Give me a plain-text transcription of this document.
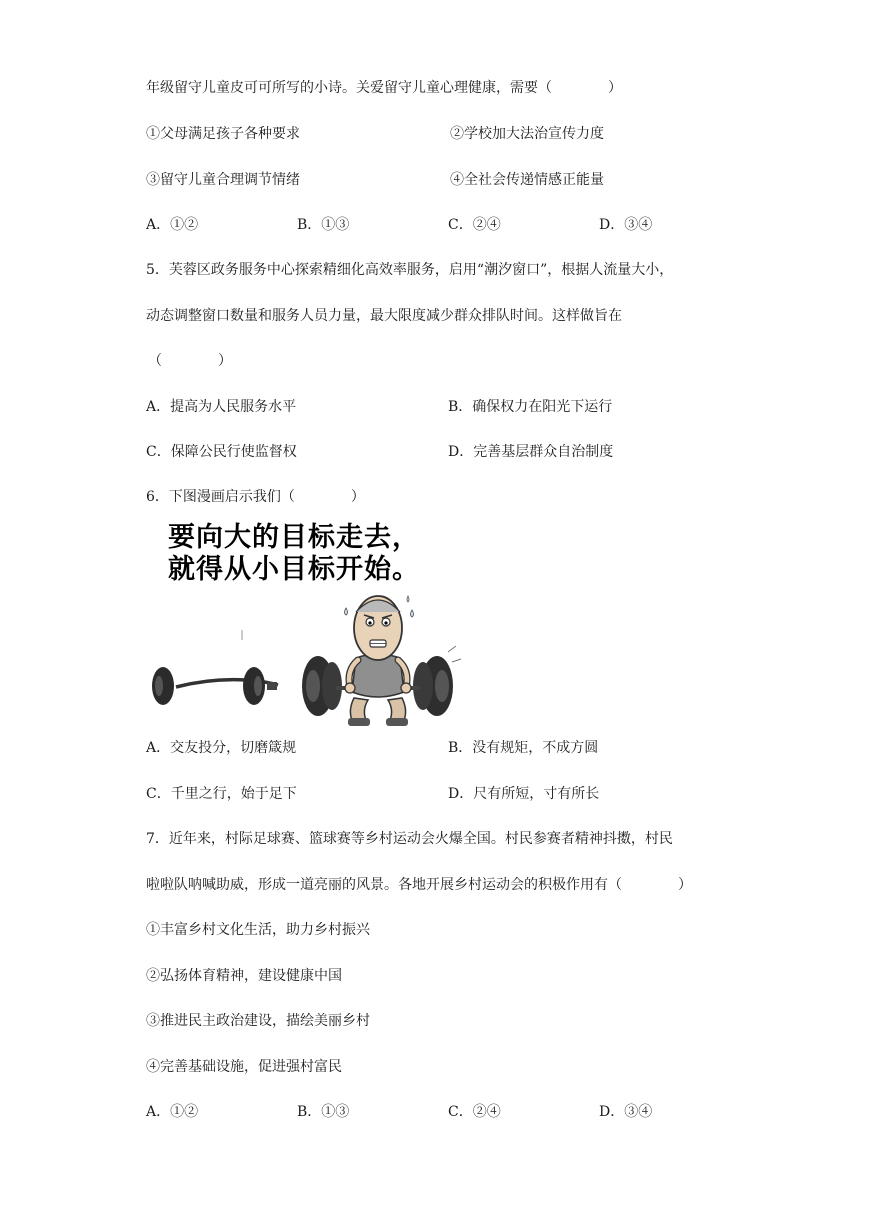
年级留守儿童皮可可所写的小诗。关爱留守儿童心理健康，需要（　　　　）
①父母满足孩子各种要求	②学校加大法治宣传力度
③留守儿童合理调节情绪	④全社会传递情感正能量
A．①②	B．①③	C．②④	D．③④
5．芙蓉区政务服务中心探索精细化高效率服务，启用“潮汐窗口”，根据人流量大小，
动态调整窗口数量和服务人员力量，最大限度减少群众排队时间。这样做旨在
（　　　　）
A．提高为人民服务水平	B．确保权力在阳光下运行
C．保障公民行使监督权	D．完善基层群众自治制度
6．下图漫画启示我们（　　　　）
要向大的目标走去，
就得从小目标开始。
A．交友投分，切磨箴规	B．没有规矩，不成方圆
C．千里之行，始于足下	D．尺有所短，寸有所长
7．近年来，村际足球赛、篮球赛等乡村运动会火爆全国。村民参赛者精神抖擞，村民
啦啦队呐喊助威，形成一道亮丽的风景。各地开展乡村运动会的积极作用有（　　　　）
①丰富乡村文化生活，助力乡村振兴
②弘扬体育精神，建设健康中国
③推进民主政治建设，描绘美丽乡村
④完善基础设施，促进强村富民
A．①②	B．①③	C．②④	D．③④
